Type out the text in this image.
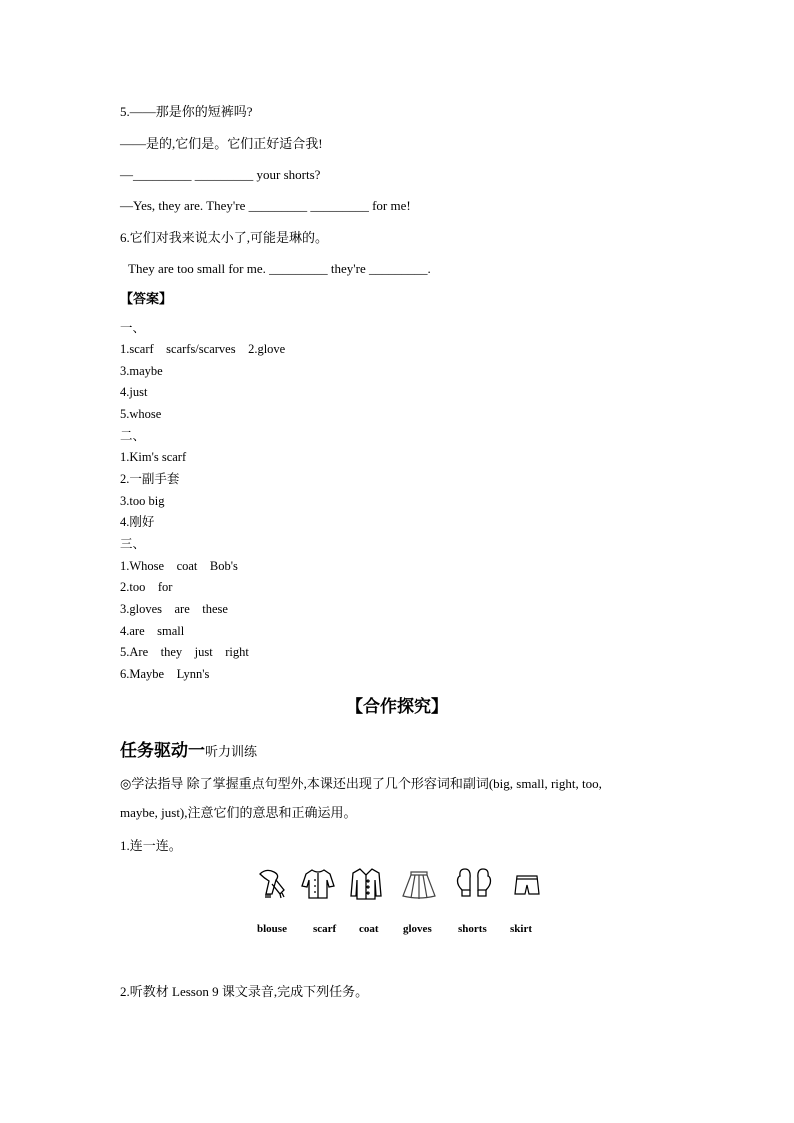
5.——那是你的短裤吗?
——是的,它们是。它们正好适合我!
—_________ _________ your shorts?
—Yes, they are. They're _________ _________ for me!
6.它们对我来说太小了,可能是琳的。
They are too small for me. _________ they're _________.
【答案】
一、
1.scarf    scarfs/scarves    2.glove
3.maybe
4.just
5.whose
二、
1.Kim's scarf
2.一副手套
3.too big
4.刚好
三、
1.Whose    coat    Bob's
2.too    for
3.gloves    are    these
4.are    small
5.Are    they    just    right
6.Maybe    Lynn's
【合作探究】
任务驱动一听力训练
◎学法指导 除了掌握重点句型外,本课还出现了几个形容词和副词(big, small, right, too,
maybe, just),注意它们的意思和正确运用。
1.连一连。
blouse scarf coat gloves shorts skirt
2.听教材 Lesson 9 课文录音,完成下列任务。
